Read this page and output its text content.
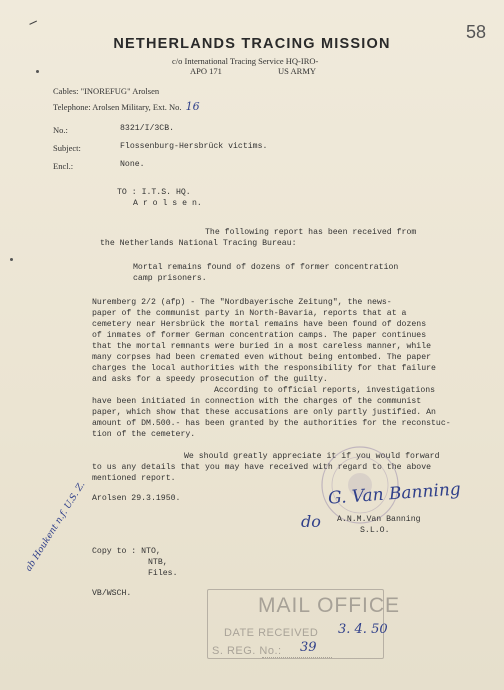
58
NETHERLANDS TRACING MISSION
c/o International Tracing Service HQ-IRO-
APO 171	US ARMY
Cables: "INOREFUG" Arolsen
Telephone: Arolsen Military, Ext. No. 16
No.:	8321/I/3CB.
Subject:	Flossenburg-Hersbrück victims.
Encl.:	None.
TO : I.T.S. HQ.
A r o l s e n.
The following report has been received from
the Netherlands National Tracing Bureau:
Mortal remains found of dozens of former concentration
camp prisoners.
Nuremberg 2/2 (afp) - The "Nordbayerische Zeitung", the news-
paper of the communist party in North-Bavaria, reports that at a
cemetery near Hersbrück the mortal remains have been found of dozens
of inmates of former German concentration camps. The paper continues
that the mortal remnants were buried in a most careless manner, while
many corpses had been cremated even without being entombed. The paper
charges the local authorities with the responsibility for that failure
and asks for a speedy prosecution of the guilty.
According to official reports, investigations
have been initiated in connection with the charges of the communist
paper, which show that these accusations are only partly justified. An
amount of DM.500.- has been granted by the authorities for the reconstuc-
tion of the cemetery.
We should greatly appreciate it if you would forward
to us any details that you may have received with regard to the above
mentioned report.
Arolsen 29.3.1950.	G. Van Banning
A.N.M.Van Banning
S.L.O.
do
ab Houkent n.f. U.S. Z. Copy to : NTO,
NTB,
Files.
VB/WSCH.
MAIL OFFICE
DATE RECEIVED 3. 4. 50
S. REG. No.: 39
